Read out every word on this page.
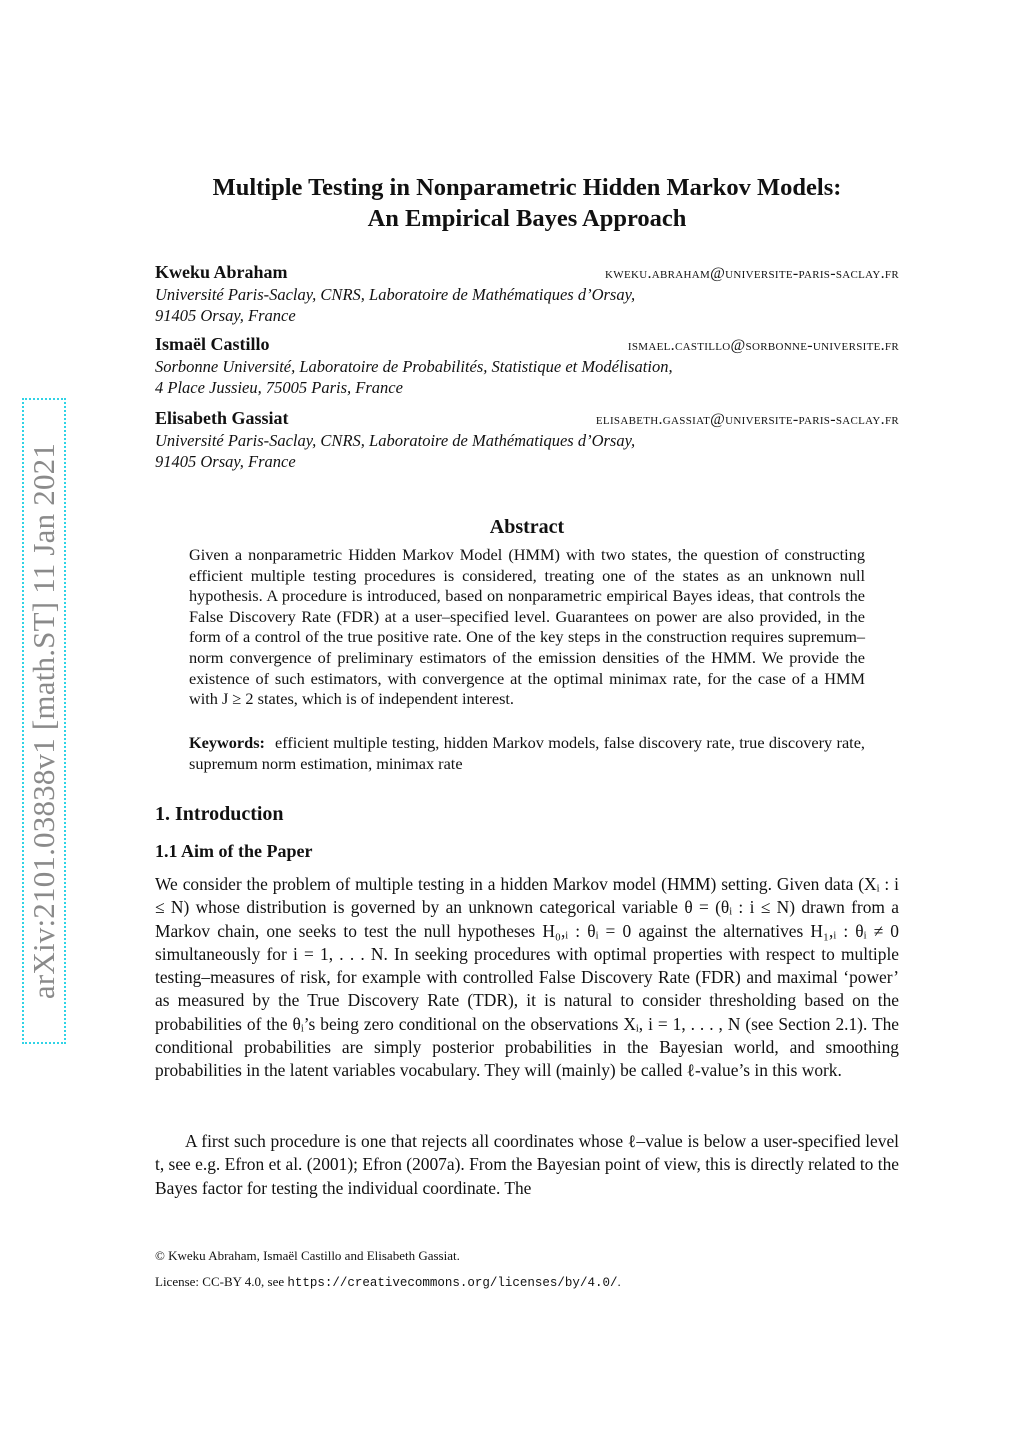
arXiv:2101.03838v1 [math.ST] 11 Jan 2021
Multiple Testing in Nonparametric Hidden Markov Models:
An Empirical Bayes Approach
Kweku Abraham	kweku.abraham@universite-paris-saclay.fr
Université Paris-Saclay, CNRS, Laboratoire de Mathématiques d’Orsay,
91405 Orsay, France
Ismaël Castillo	ismael.castillo@sorbonne-universite.fr
Sorbonne Université, Laboratoire de Probabilités, Statistique et Modélisation,
4 Place Jussieu, 75005 Paris, France
Elisabeth Gassiat	elisabeth.gassiat@universite-paris-saclay.fr
Université Paris-Saclay, CNRS, Laboratoire de Mathématiques d’Orsay,
91405 Orsay, France
Abstract

Given a nonparametric Hidden Markov Model (HMM) with two states, the question of constructing efficient multiple testing procedures is considered, treating one of the states as an unknown null hypothesis. A procedure is introduced, based on nonparametric empirical Bayes ideas, that controls the False Discovery Rate (FDR) at a user–specified level. Guarantees on power are also provided, in the form of a control of the true positive rate. One of the key steps in the construction requires supremum–norm convergence of preliminary estimators of the emission densities of the HMM. We provide the existence of such estimators, with convergence at the optimal minimax rate, for the case of a HMM with J ≥ 2 states, which is of independent interest.

Keywords: efficient multiple testing, hidden Markov models, false discovery rate, true discovery rate, supremum norm estimation, minimax rate

1. Introduction
1.1 Aim of the Paper

We consider the problem of multiple testing in a hidden Markov model (HMM) setting. Given data (Xᵢ : i ≤ N) whose distribution is governed by an unknown categorical variable θ = (θᵢ : i ≤ N) drawn from a Markov chain, one seeks to test the null hypotheses H₀,ᵢ : θᵢ = 0 against the alternatives H₁,ᵢ : θᵢ ≠ 0 simultaneously for i = 1, . . . N. In seeking procedures with optimal properties with respect to multiple testing–measures of risk, for example with controlled False Discovery Rate (FDR) and maximal ‘power’ as measured by the True Discovery Rate (TDR), it is natural to consider thresholding based on the probabilities of the θᵢ’s being zero conditional on the observations Xᵢ, i = 1, . . . , N (see Section 2.1). The conditional probabilities are simply posterior probabilities in the Bayesian world, and smoothing probabilities in the latent variables vocabulary. They will (mainly) be called ℓ-value’s in this work.

A first such procedure is one that rejects all coordinates whose ℓ–value is below a user-specified level t, see e.g. Efron et al. (2001); Efron (2007a). From the Bayesian point of view, this is directly related to the Bayes factor for testing the individual coordinate. The

© Kweku Abraham, Ismaël Castillo and Elisabeth Gassiat.

License: CC-BY 4.0, see https://creativecommons.org/licenses/by/4.0/.
